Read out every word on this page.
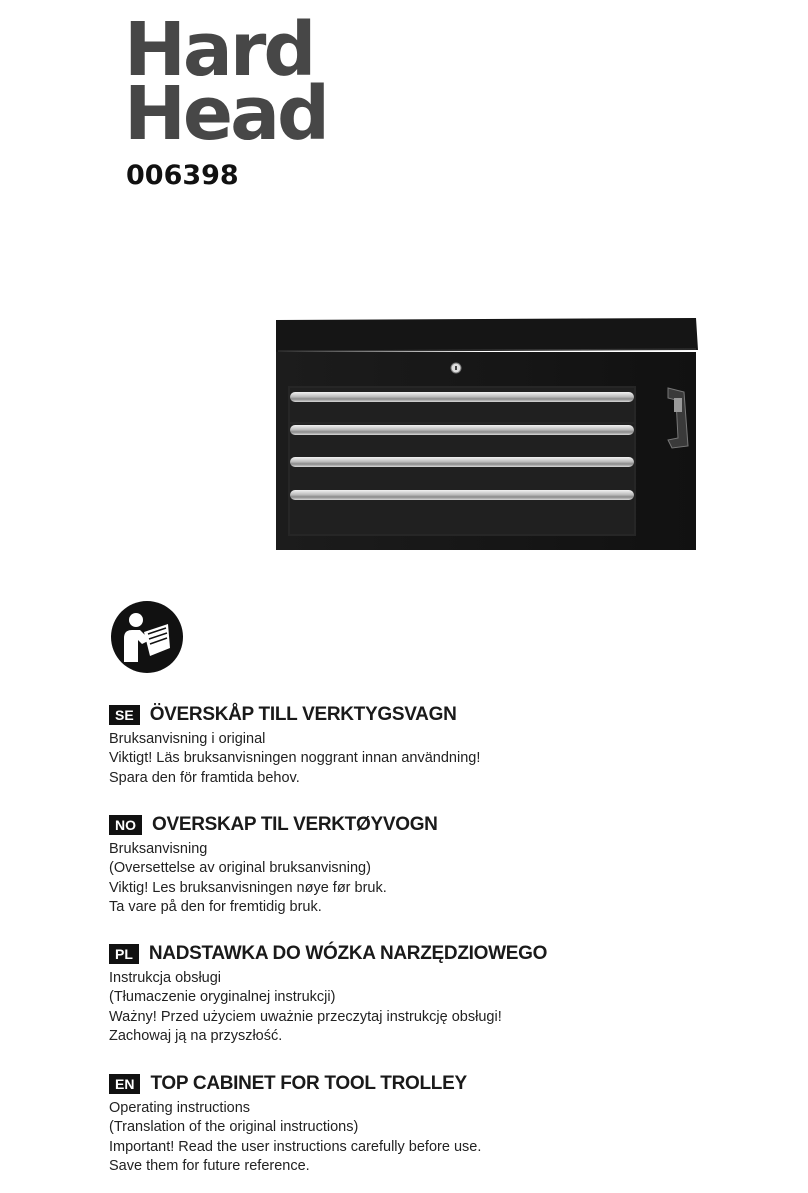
Hard
Head
006398
SE ÖVERSKÅP TILL VERKTYGSVAGN
Bruksanvisning i original
Viktigt! Läs bruksanvisningen noggrant innan användning!
Spara den för framtida behov.
NO OVERSKAP TIL VERKTØYVOGN
Bruksanvisning
(Oversettelse av original bruksanvisning)
Viktig! Les bruksanvisningen nøye før bruk.
Ta vare på den for fremtidig bruk.
PL NADSTAWKA DO WÓZKA NARZĘDZIOWEGO
Instrukcja obsługi
(Tłumaczenie oryginalnej instrukcji)
Ważny! Przed użyciem uważnie przeczytaj instrukcję obsługi!
Zachowaj ją na przyszłość.
EN TOP CABINET FOR TOOL TROLLEY
Operating instructions
(Translation of the original instructions)
Important! Read the user instructions carefully before use.
Save them for future reference.
